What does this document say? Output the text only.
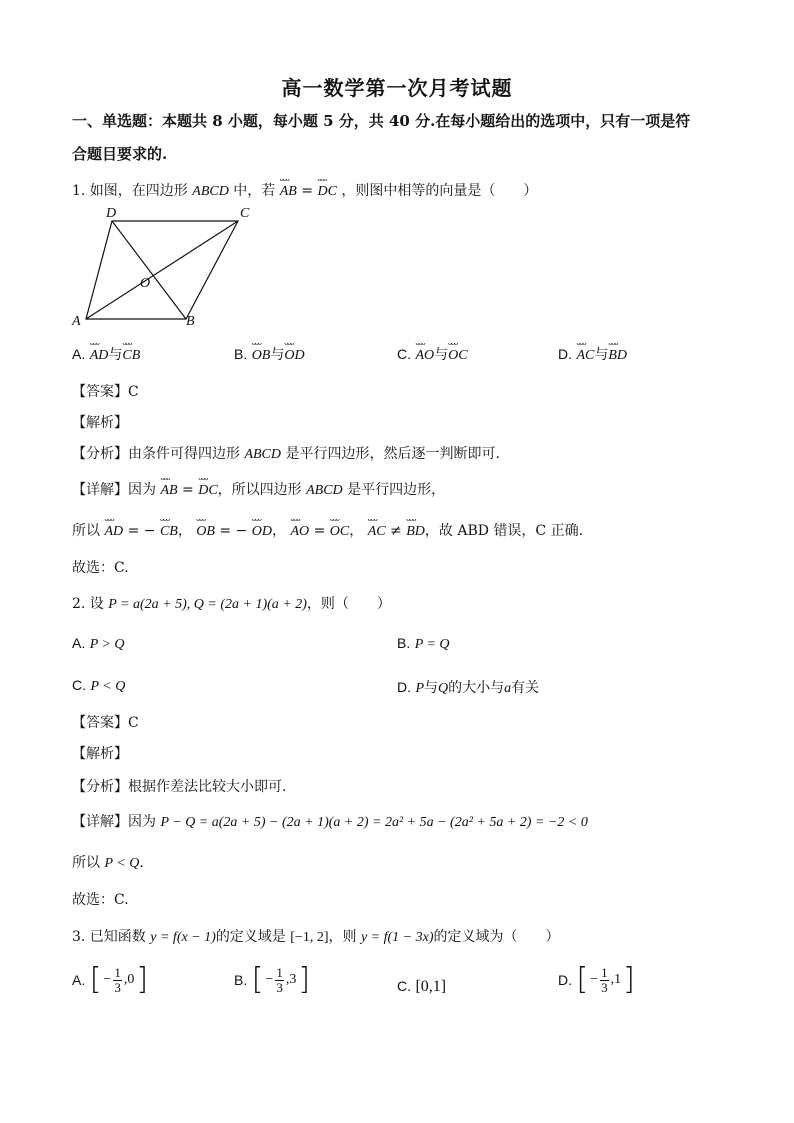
高一数学第一次月考试题
一、单选题：本题共 8 小题，每小题 5 分，共 40 分.在每小题给出的选项中，只有一项是符
合题目要求的.
1. 如图，在四边形 ABCD 中，若 ᴗᴗᴗ AB = ᴗᴗᴗ DC ，则图中相等的向量是（　　）
D	C
O
A	B
A. ᴗᴗᴗ AD与ᴗᴗᴗ CB	B. ᴗᴗᴗ OB与ᴗᴗᴗ OD	C. ᴗᴗᴗ AO与ᴗᴗᴗ OC	D. ᴗᴗᴗ AC与ᴗᴗᴗ BD
【答案】C
【解析】
【分析】由条件可得四边形 ABCD 是平行四边形，然后逐一判断即可.
【详解】因为 ᴗᴗᴗ AB = ᴗᴗᴗ DC，所以四边形 ABCD 是平行四边形，
所以 ᴗᴗᴗ AD = − ᴗᴗᴗ CB， ᴗᴗᴗ OB = − ᴗᴗᴗ OD， ᴗᴗᴗ AO = ᴗᴗᴗ OC， ᴗᴗᴗ AC ≠ ᴗᴗᴗ BD，故 ABD 错误，C 正确.
故选：C.
2. 设 P = a(2a + 5), Q = (2a + 1)(a + 2)，则（　　）
A. P > Q	B. P = Q
C. P < Q	D. P与Q的大小与a有关
【答案】C
【解析】
【分析】根据作差法比较大小即可.
【详解】因为 P − Q = a(2a + 5) − (2a + 1)(a + 2) = 2a² + 5a − (2a² + 5a + 2) = −2 < 0
所以 P < Q.
故选：C.
3. 已知函数 y = f(x − 1)的定义域是 [−1, 2]，则 y = f(1 − 3x)的定义域为（　　）
A. [ − $\frac{1}{3} ,0$ ]	B. [ − $\frac{1}{3} ,3$ ]	C. [0,1]	D. [ − $\frac{1}{3} ,1$ ]
